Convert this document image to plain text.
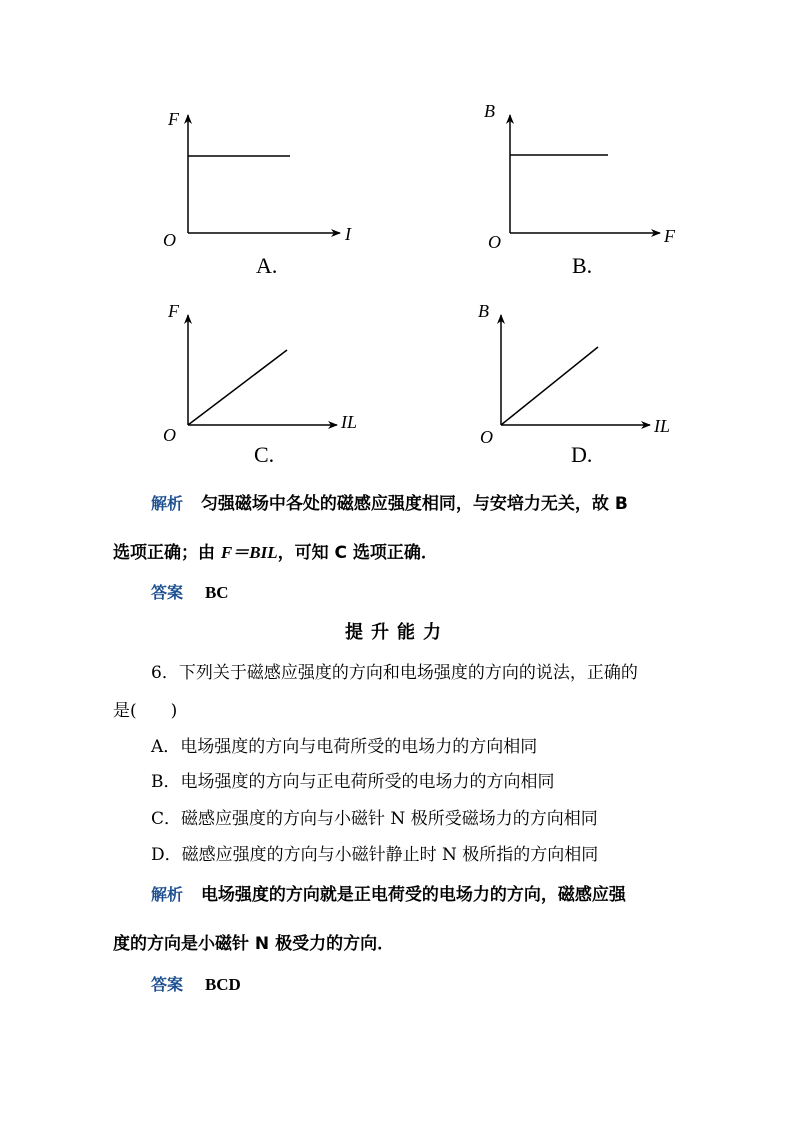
F
I
O
A.
B
F
O
B.
F
IL
O
C.
B
IL
O
D.
解析 匀强磁场中各处的磁感应强度相同，与安培力无关，故 B
选项正确；由 F＝BIL，可知 C 选项正确．
答案 BC
提升能力
6．下列关于磁感应强度的方向和电场强度的方向的说法，正确的
是(　　)
A．电场强度的方向与电荷所受的电场力的方向相同
B．电场强度的方向与正电荷所受的电场力的方向相同
C．磁感应强度的方向与小磁针 N 极所受磁场力的方向相同
D．磁感应强度的方向与小磁针静止时 N 极所指的方向相同
解析 电场强度的方向就是正电荷受的电场力的方向，磁感应强
度的方向是小磁针 N 极受力的方向．
答案 BCD
